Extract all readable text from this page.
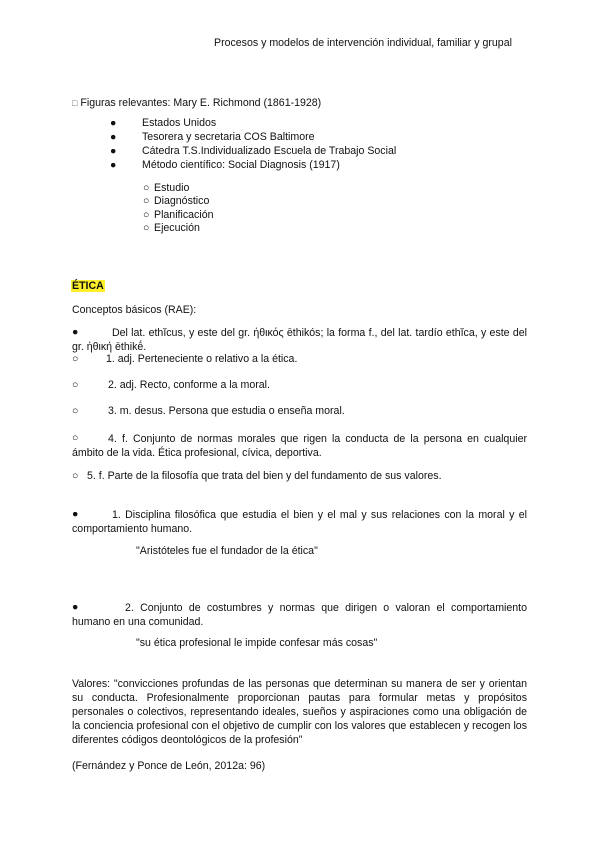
Procesos y modelos de intervención individual, familiar y grupal
□ Figuras relevantes: Mary E. Richmond (1861-1928)
● Estados Unidos
● Tesorera y secretaria COS Baltimore
● Cátedra T.S.Individualizado Escuela de Trabajo Social
● Método científico: Social Diagnosis (1917)
○ Estudio
○ Diagnóstico
○ Planificación
○ Ejecución
ÉTICA
Conceptos básicos (RAE):
●	Del lat. ethĭcus, y este del gr. ἠθικός ēthikós; la forma f., del lat. tardío ethĭca, y este del gr. ἠθική ēthikḗ.
○	1. adj. Perteneciente o relativo a la ética.
○	2. adj. Recto, conforme a la moral.
○	3. m. desus. Persona que estudia o enseña moral.
○	4. f. Conjunto de normas morales que rigen la conducta de la persona en cualquier ámbito de la vida. Ética profesional, cívica, deportiva.
○ 5. f. Parte de la filosofía que trata del bien y del fundamento de sus valores.
●	1. Disciplina filosófica que estudia el bien y el mal y sus relaciones con la moral y el comportamiento humano.
"Aristóteles fue el fundador de la ética"
●	2. Conjunto de costumbres y normas que dirigen o valoran el comportamiento humano en una comunidad.
"su ética profesional le impide confesar más cosas"
Valores: "convicciones profundas de las personas que determinan su manera de ser y orientan su conducta. Profesionalmente proporcionan pautas para formular metas y propósitos personales o colectivos, representando ideales, sueños y aspiraciones como una obligación de la conciencia profesional con el objetivo de cumplir con los valores que establecen y recogen los diferentes códigos deontológicos de la profesión"
(Fernández y Ponce de León, 2012a: 96)
